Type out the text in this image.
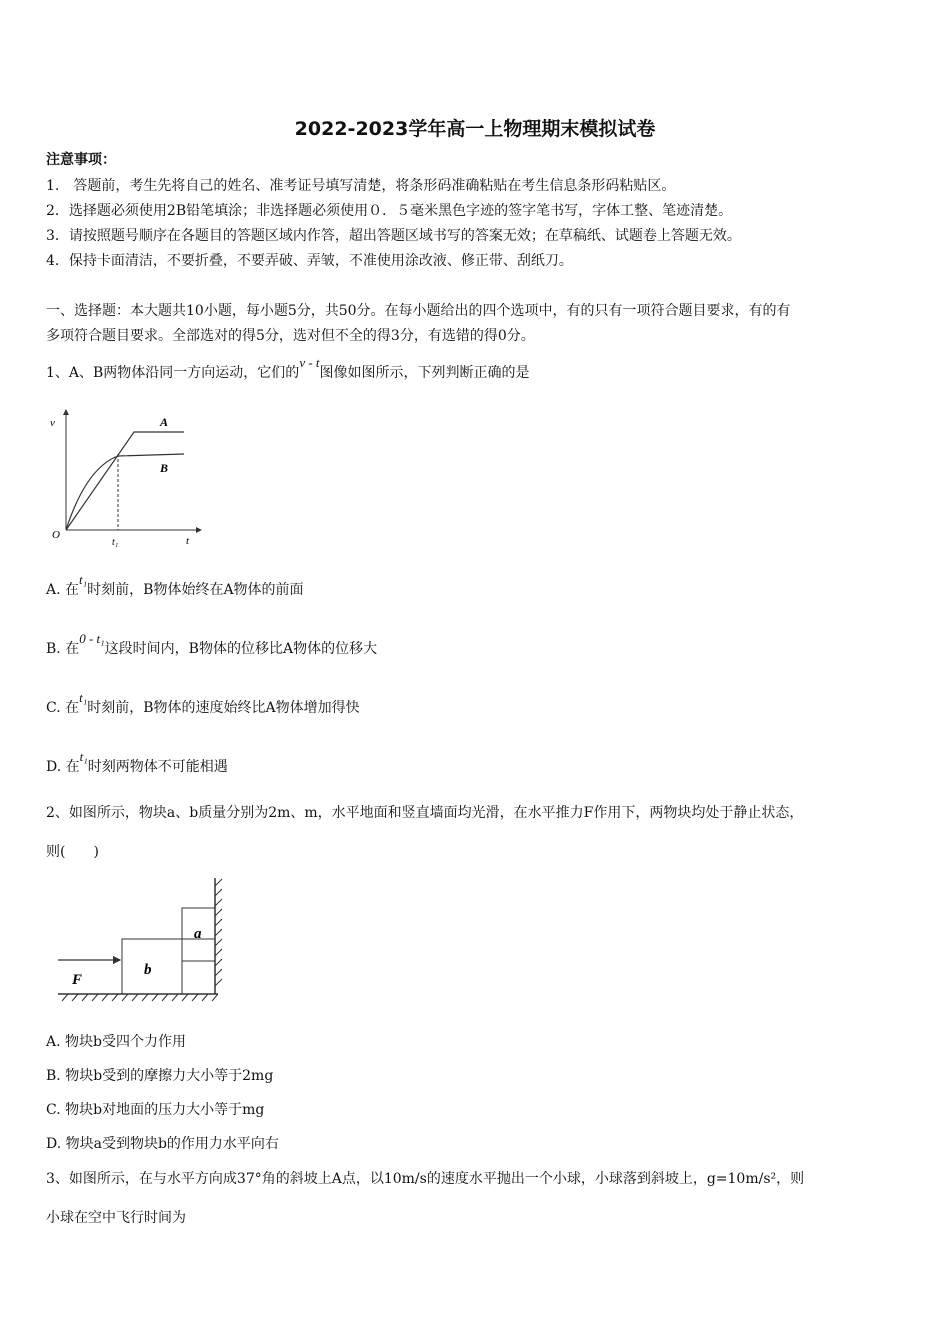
2022-2023学年高一上物理期末模拟试卷
注意事项：
1.　答题前，考生先将自己的姓名、准考证号填写清楚，将条形码准确粘贴在考生信息条形码粘贴区。
2．选择题必须使用2B铅笔填涂；非选择题必须使用０．５毫米黑色字迹的签字笔书写，字体工整、笔迹清楚。
3．请按照题号顺序在各题目的答题区域内作答，超出答题区域书写的答案无效；在草稿纸、试题卷上答题无效。
4．保持卡面清洁，不要折叠，不要弄破、弄皱，不准使用涂改液、修正带、刮纸刀。
一、选择题：本大题共10小题，每小题5分，共50分。在每小题给出的四个选项中，有的只有一项符合题目要求，有的有
多项符合题目要求。全部选对的得5分，选对但不全的得3分，有选错的得0分。
1、A、B两物体沿同一方向运动，它们的v - t图像如图所示，下列判断正确的是
v
t
O
t₁
A
B
A. 在t₁时刻前，B物体始终在A物体的前面
B. 在0 - t₁这段时间内，B物体的位移比A物体的位移大
C. 在t₁时刻前，B物体的速度始终比A物体增加得快
D. 在t₁时刻两物体不可能相遇
2、如图所示，物块a、b质量分别为2m、m，水平地面和竖直墙面均光滑，在水平推力F作用下，两物块均处于静止状态，
则(　　)
F
b
a
A. 物块b受四个力作用
B. 物块b受到的摩擦力大小等于2mg
C. 物块b对地面的压力大小等于mg
D. 物块a受到物块b的作用力水平向右
3、如图所示，在与水平方向成37°角的斜坡上A点，以10m/s的速度水平抛出一个小球，小球落到斜坡上，g=10m/s²，则
小球在空中飞行时间为
